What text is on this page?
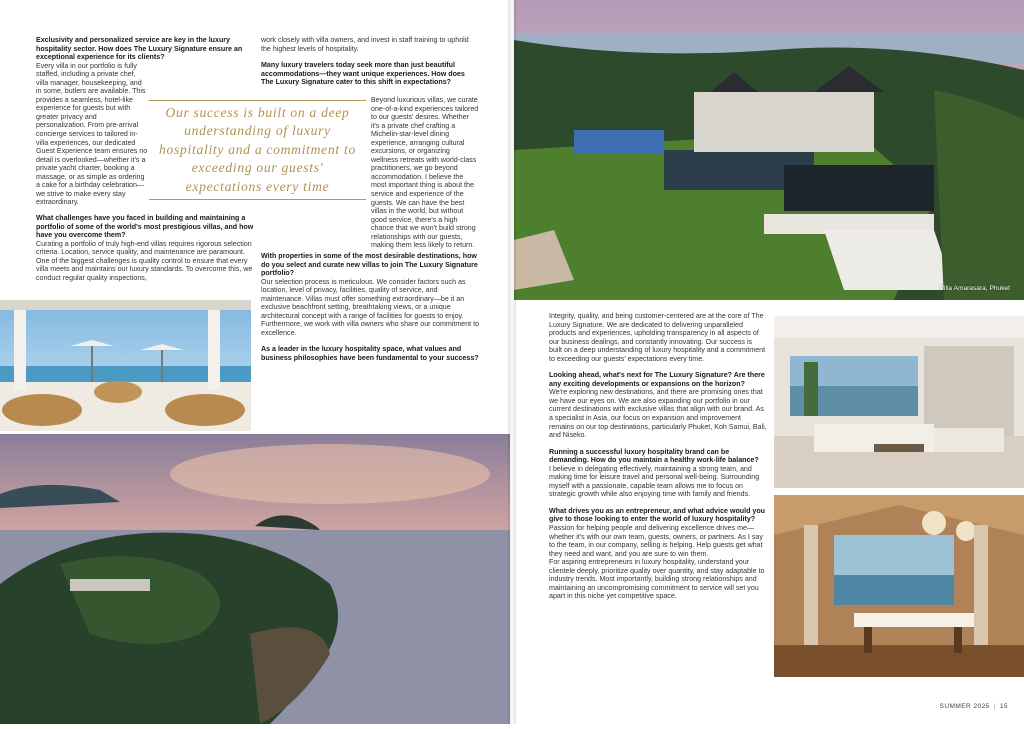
Exclusivity and personalized service are key in the luxury hospitality sector. How does The Luxury Signature ensure an exceptional experience for its clients?

Every villa in our portfolio is fully staffed, including a private chef, villa manager, housekeeping, and in some, butlers are available. This provides a seamless, hotel-like experience for guests but with greater privacy and personalization. From pre-arrival concierge services to tailored in-villa experiences, our dedicated Guest Experience team ensures no detail is overlooked—whether it's a private yacht charter, booking a massage, or as simple as ordering a cake for a birthday celebration—we strive to make every stay extraordinary.

What challenges have you faced in building and maintaining a portfolio of some of the world's most prestigious villas, and how have you overcome them?

Curating a portfolio of truly high-end villas requires rigorous selection criteria. Location, service quality, and maintenance are paramount. One of the biggest challenges is quality control to ensure that every villa meets and maintains our luxury standards. To overcome this, we conduct regular quality inspections,

work closely with villa owners, and invest in staff training to uphold the highest levels of hospitality.

Many luxury travelers today seek more than just beautiful accommodations—they want unique experiences. How does The Luxury Signature cater to this shift in expectations?

Beyond luxurious villas, we curate one-of-a-kind experiences tailored to our guests' desires. Whether it's a private chef crafting a Michelin-star-level dining experience, arranging cultural excursions, or organizing wellness retreats with world-class practitioners, we go beyond accommodation. I believe the most important thing is about the service and experience of the guests. We can have the best villas in the world, but without good service, there's a high chance that we won't build strong relationships with our guests, making them less likely to return.

With properties in some of the most desirable destinations, how do you select and curate new villas to join The Luxury Signature portfolio?

Our selection process is meticulous. We consider factors such as location, level of privacy, facilities, quality of service, and maintenance. Villas must offer something extraordinary—be it an exclusive beachfront setting, breathtaking views, or a unique architectural concept with a range of facilities for guests to enjoy. Furthermore, we work with villa owners who share our commitment to excellence.

As a leader in the luxury hospitality space, what values and business philosophies have been fundamental to your success?

Our success is built on a deep understanding of luxury hospitality and a commitment to exceeding our guests' expectations every time
Villa Amarasara, Phuket

Integrity, quality, and being customer-centered are at the core of The Luxury Signature. We are dedicated to delivering unparalleled products and experiences, upholding transparency in all aspects of our business dealings, and constantly innovating. Our success is built on a deep understanding of luxury hospitality and a commitment to exceeding our guests' expectations every time.

Looking ahead, what's next for The Luxury Signature? Are there any exciting developments or expansions on the horizon?

We're exploring new destinations, and there are promising ones that we have our eyes on. We are also expanding our portfolio in our current destinations with exclusive villas that align with our brand. As a specialist in Asia, our focus on expansion and improvement remains on our top destinations, particularly Phuket, Koh Samui, Bali, and Niseko.

Running a successful luxury hospitality brand can be demanding. How do you maintain a healthy work-life balance?

I believe in delegating effectively, maintaining a strong team, and making time for leisure travel and personal well-being. Surrounding myself with a passionate, capable team allows me to focus on strategic growth while also enjoying time with family and friends.

What drives you as an entrepreneur, and what advice would you give to those looking to enter the world of luxury hospitality?

Passion for helping people and delivering excellence drives me—whether it's with our own team, guests, owners, or partners. As I say to the team, in our company, selling is helping. Help guests get what they need and want, and you are sure to win them.

For aspiring entrepreneurs in luxury hospitality, understand your clientele deeply, prioritize quality over quantity, and stay adaptable to industry trends. Most importantly, building strong relationships and maintaining an uncompromising commitment to service will set you apart in this niche yet competitive space.

SUMMER 2025 | 15
